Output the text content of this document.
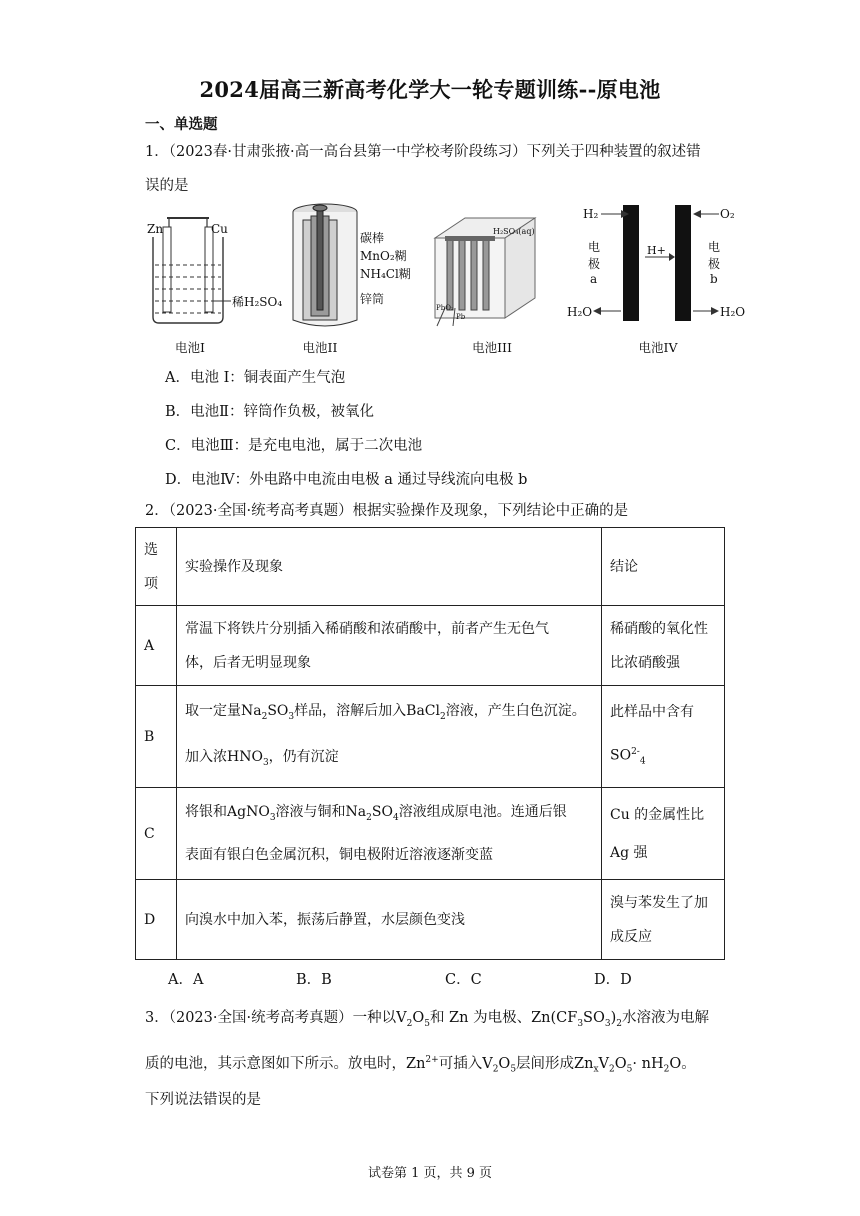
2024届高三新高考化学大一轮专题训练--原电池
一、单选题
1．（2023春·甘肃张掖·高一高台县第一中学校考阶段练习）下列关于四种装置的叙述错
误的是
Zn	Cu
稀H₂SO₄
电池I
碳棒
MnO₂糊
NH₄Cl糊
锌筒
电池II
H₂SO₄(aq)
PbO₂
Pb
电池III
H₂	O₂
电
极
a
电
极
b
H+
H₂O	H₂O
电池IV
A．电池 I：铜表面产生气泡
B．电池Ⅱ：锌筒作负极，被氧化
C．电池Ⅲ：是充电电池，属于二次电池
D．电池Ⅳ：外电路中电流由电极 a 通过导线流向电极 b
2．（2023·全国·统考高考真题）根据实验操作及现象，下列结论中正确的是
选
项	实验操作及现象	结论
A	常温下将铁片分别插入稀硝酸和浓硝酸中，前者产生无色气
体，后者无明显现象	稀硝酸的氧化性
比浓硝酸强
B	取一定量$Na_2SO_3$样品，溶解后加入BaCl$_2$溶液，产生白色沉淀。
加入浓$HNO_3$，仍有沉淀	此样品中含有
$SO^{2-}_4$
C	将银和AgNO$_3$溶液与铜和$Na_2SO_4$溶液组成原电池。连通后银
表面有银白色金属沉积，铜电极附近溶液逐渐变蓝	Cu 的金属性比
Ag 强
D	向溴水中加入苯，振荡后静置，水层颜色变浅	溴与苯发生了加
成反应
A．A	B．B	C．C	D．D
3．（2023·全国·统考高考真题）一种以$V_2O_5$和 Zn 为电极、$Zn(CF_3SO_3)_2$水溶液为电解
质的电池，其示意图如下所示。放电时，$Zn^{2+}$可插入$V_2O_5$层间形成$Zn_xV_2O_5\cdot nH_2O$。
下列说法错误的是
试卷第 1 页，共 9 页
